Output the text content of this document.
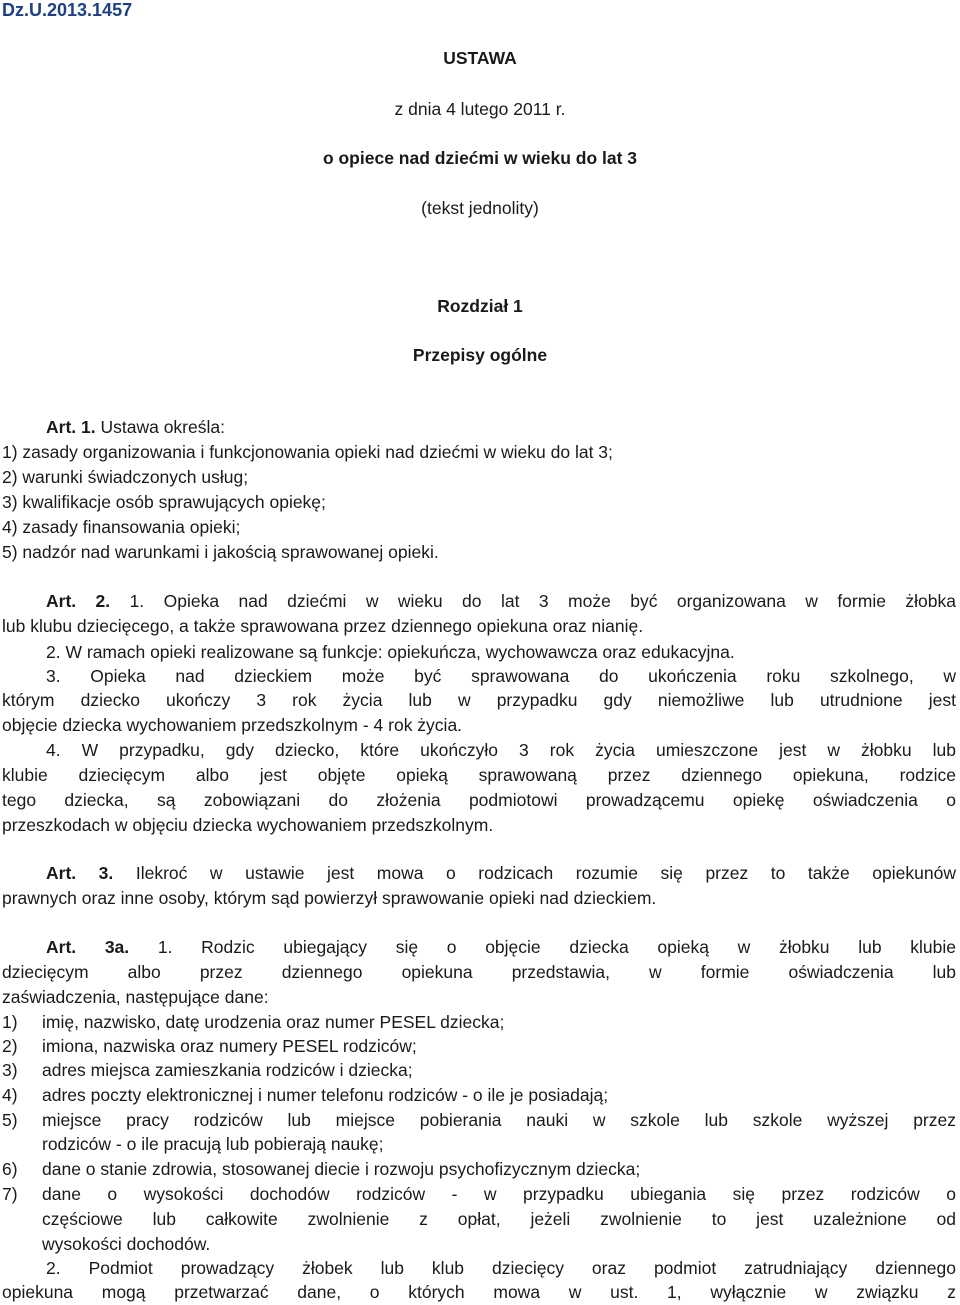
Dz.U.2013.1457
USTAWA
z dnia 4 lutego 2011 r.
o opiece nad dziećmi w wieku do lat 3
(tekst jednolity)
Rozdział 1
Przepisy ogólne
Art. 1. Ustawa określa:
1) zasady organizowania i funkcjonowania opieki nad dziećmi w wieku do lat 3;
2) warunki świadczonych usług;
3) kwalifikacje osób sprawujących opiekę;
4) zasady finansowania opieki;
5) nadzór nad warunkami i jakością sprawowanej opieki.
Art. 2. 1. Opieka nad dziećmi w wieku do lat 3 może być organizowana w formie żłobka
lub klubu dziecięcego, a także sprawowana przez dziennego opiekuna oraz nianię.
2. W ramach opieki realizowane są funkcje: opiekuńcza, wychowawcza oraz edukacyjna.
3. Opieka nad dzieckiem może być sprawowana do ukończenia roku szkolnego, w
którym dziecko ukończy 3 rok życia lub w przypadku gdy niemożliwe lub utrudnione jest
objęcie dziecka wychowaniem przedszkolnym - 4 rok życia.
4. W przypadku, gdy dziecko, które ukończyło 3 rok życia umieszczone jest w żłobku lub
klubie dziecięcym albo jest objęte opieką sprawowaną przez dziennego opiekuna, rodzice
tego dziecka, są zobowiązani do złożenia podmiotowi prowadzącemu opiekę oświadczenia o
przeszkodach w objęciu dziecka wychowaniem przedszkolnym.
Art. 3. Ilekroć w ustawie jest mowa o rodzicach rozumie się przez to także opiekunów
prawnych oraz inne osoby, którym sąd powierzył sprawowanie opieki nad dzieckiem.
Art. 3a. 1. Rodzic ubiegający się o objęcie dziecka opieką w żłobku lub klubie
dziecięcym albo przez dziennego opiekuna przedstawia, w formie oświadczenia lub
zaświadczenia, następujące dane:
1) imię, nazwisko, datę urodzenia oraz numer PESEL dziecka;
2) imiona, nazwiska oraz numery PESEL rodziców;
3) adres miejsca zamieszkania rodziców i dziecka;
4) adres poczty elektronicznej i numer telefonu rodziców - o ile je posiadają;
5) miejsce pracy rodziców lub miejsce pobierania nauki w szkole lub szkole wyższej przez
rodziców - o ile pracują lub pobierają naukę;
6) dane o stanie zdrowia, stosowanej diecie i rozwoju psychofizycznym dziecka;
7) dane o wysokości dochodów rodziców - w przypadku ubiegania się przez rodziców o
częściowe lub całkowite zwolnienie z opłat, jeżeli zwolnienie to jest uzależnione od
wysokości dochodów.
2. Podmiot prowadzący żłobek lub klub dziecięcy oraz podmiot zatrudniający dziennego
opiekuna mogą przetwarzać dane, o których mowa w ust. 1, wyłącznie w związku z
